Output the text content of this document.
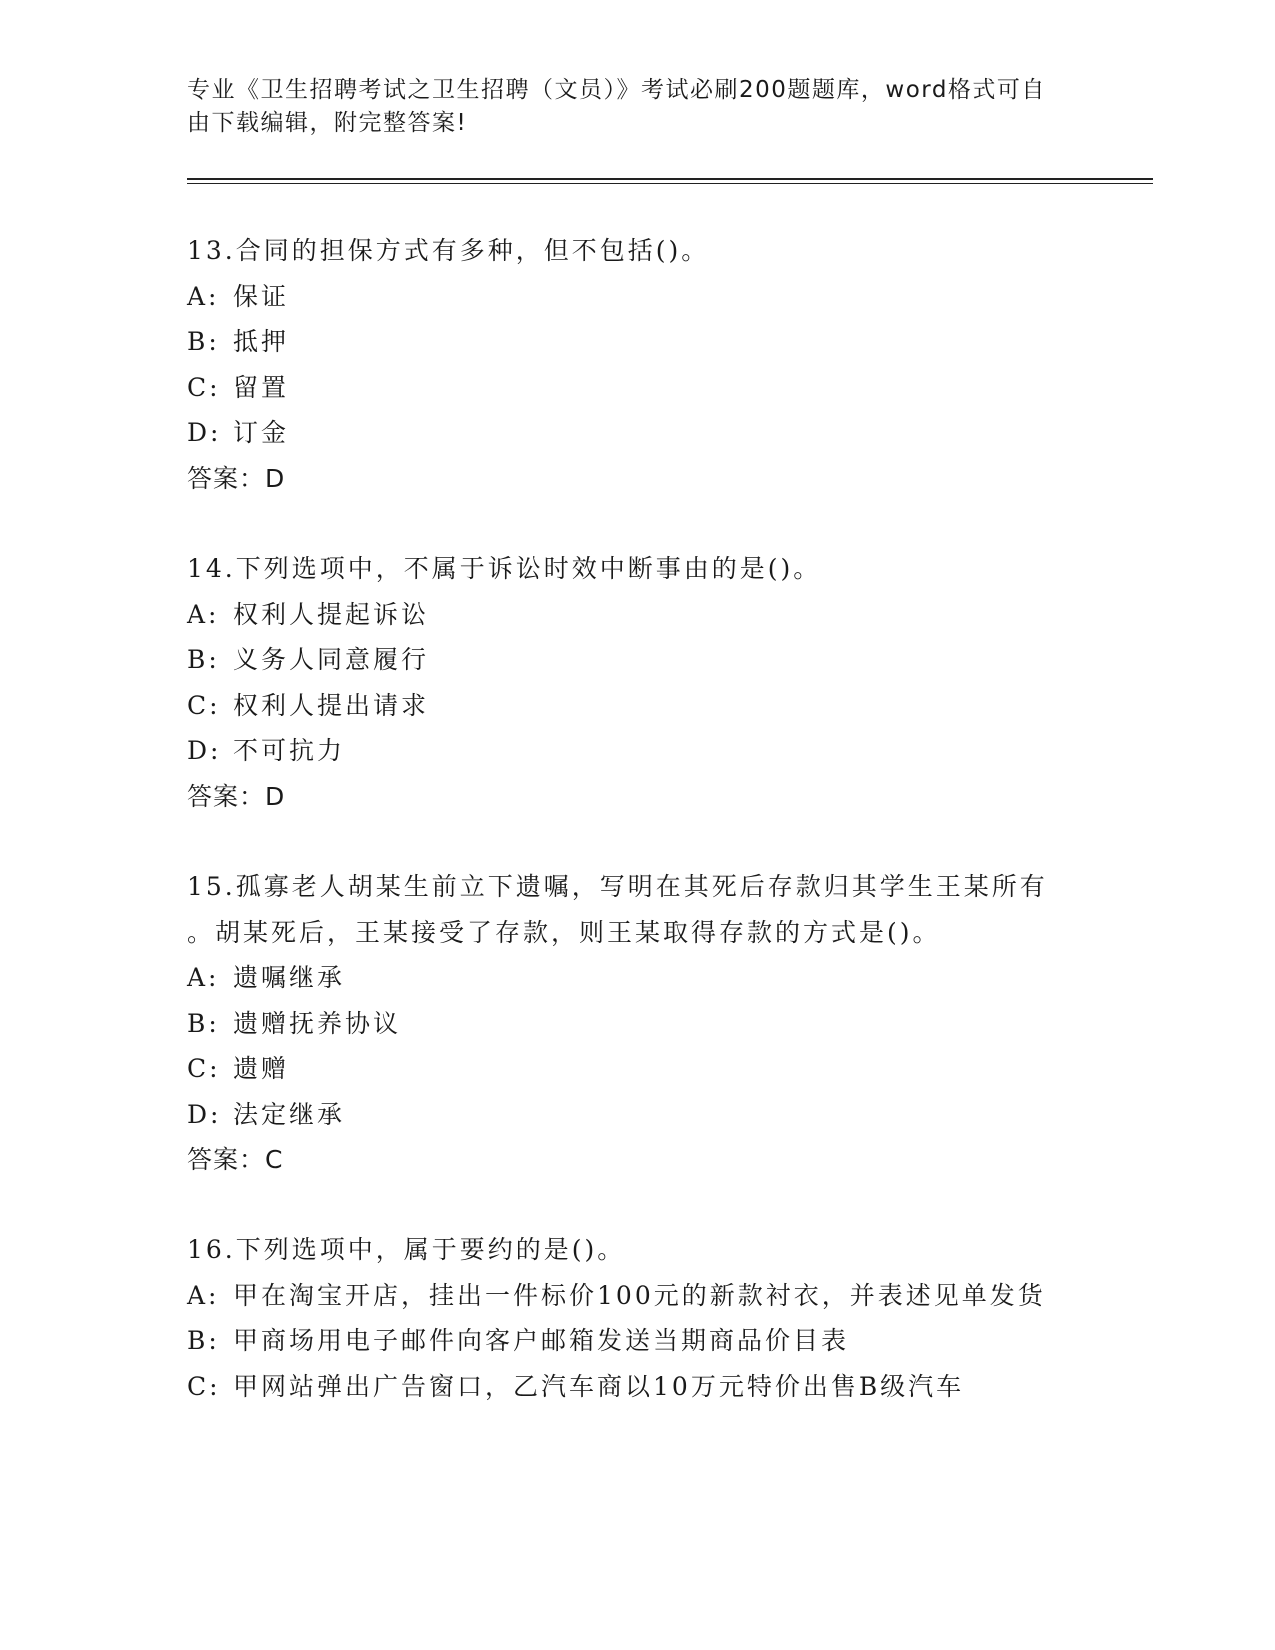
专业《卫生招聘考试之卫生招聘（文员）》考试必刷200题题库，word格式可自
由下载编辑，附完整答案!
13.合同的担保方式有多种，但不包括()。
A: 保证
B: 抵押
C: 留置
D: 订金
答案：D
14.下列选项中，不属于诉讼时效中断事由的是()。
A: 权利人提起诉讼
B: 义务人同意履行
C: 权利人提出请求
D: 不可抗力
答案：D
15.孤寡老人胡某生前立下遗嘱，写明在其死后存款归其学生王某所有
。胡某死后，王某接受了存款，则王某取得存款的方式是()。
A: 遗嘱继承
B: 遗赠抚养协议
C: 遗赠
D: 法定继承
答案：C
16.下列选项中，属于要约的是()。
A: 甲在淘宝开店，挂出一件标价100元的新款衬衣，并表述见单发货
B: 甲商场用电子邮件向客户邮箱发送当期商品价目表
C: 甲网站弹出广告窗口，乙汽车商以10万元特价出售B级汽车
